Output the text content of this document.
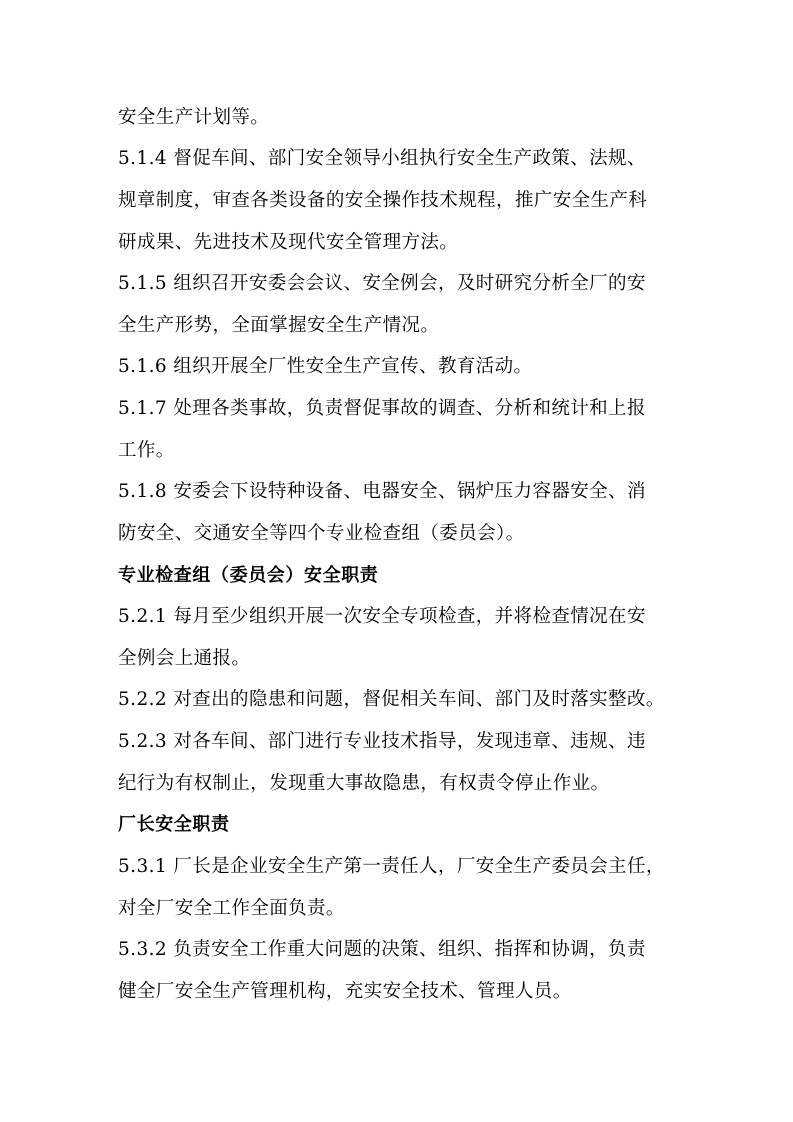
安全生产计划等。
5.1.4 督促车间、部门安全领导小组执行安全生产政策、法规、
规章制度，审查各类设备的安全操作技术规程，推广安全生产科
研成果、先进技术及现代安全管理方法。
5.1.5 组织召开安委会会议、安全例会，及时研究分析全厂的安
全生产形势，全面掌握安全生产情况。
5.1.6 组织开展全厂性安全生产宣传、教育活动。
5.1.7 处理各类事故，负责督促事故的调查、分析和统计和上报
工作。
5.1.8 安委会下设特种设备、电器安全、锅炉压力容器安全、消
防安全、交通安全等四个专业检查组（委员会）。
专业检查组（委员会）安全职责
5.2.1 每月至少组织开展一次安全专项检查，并将检查情况在安
全例会上通报。
5.2.2 对查出的隐患和问题，督促相关车间、部门及时落实整改。
5.2.3 对各车间、部门进行专业技术指导，发现违章、违规、违
纪行为有权制止，发现重大事故隐患，有权责令停止作业。
厂长安全职责
5.3.1 厂长是企业安全生产第一责任人，厂安全生产委员会主任，
对全厂安全工作全面负责。
5.3.2 负责安全工作重大问题的决策、组织、指挥和协调，负责
健全厂安全生产管理机构，充实安全技术、管理人员。
